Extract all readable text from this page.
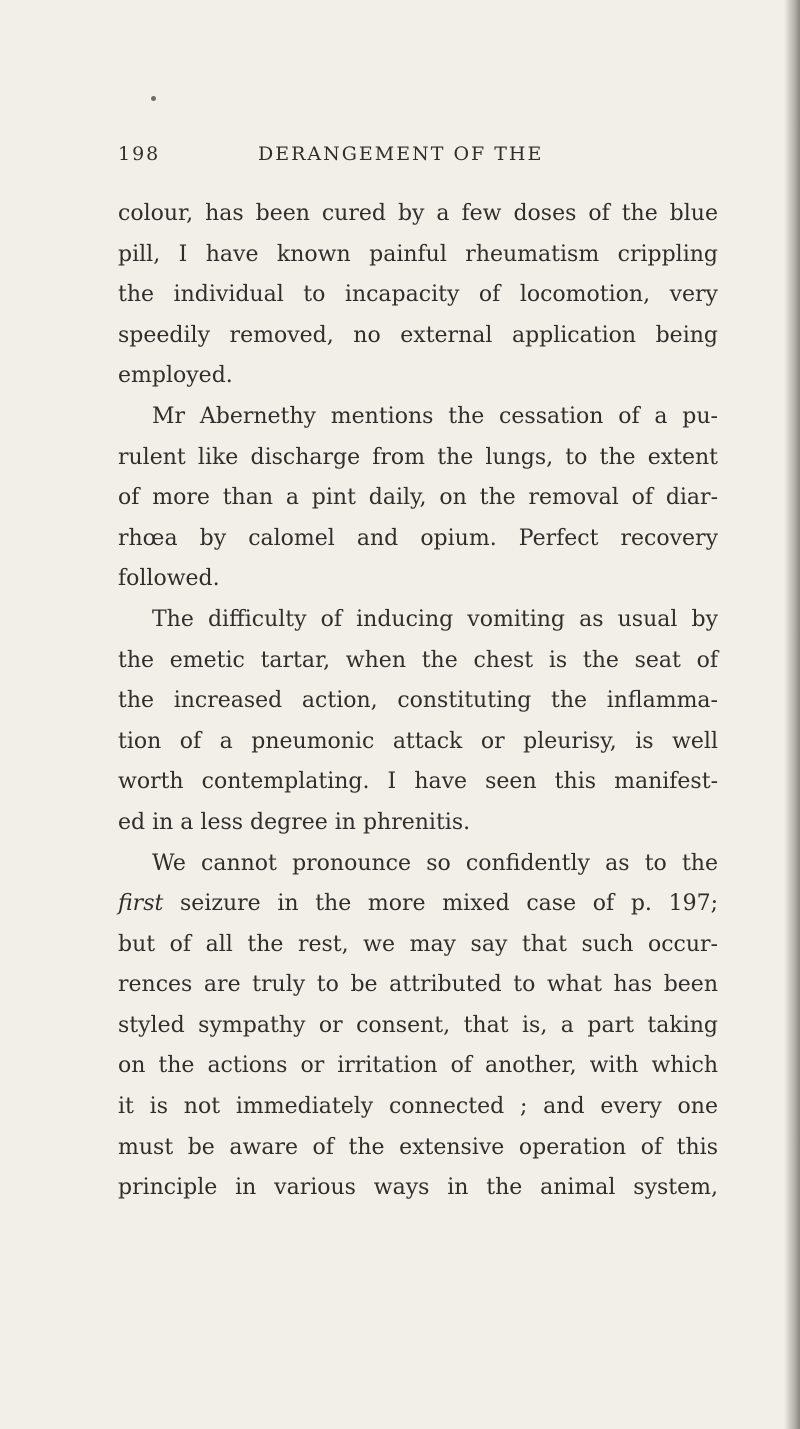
198	DERANGEMENT OF THE
colour, has been cured by a few doses of the blue
pill, I have known painful rheumatism crippling
the individual to incapacity of locomotion, very
speedily removed, no external application being
employed.
Mr Abernethy mentions the cessation of a pu-
rulent like discharge from the lungs, to the extent
of more than a pint daily, on the removal of diar-
rhœa by calomel and opium. Perfect recovery
followed.
The difficulty of inducing vomiting as usual by
the emetic tartar, when the chest is the seat of
the increased action, constituting the inflamma-
tion of a pneumonic attack or pleurisy, is well
worth contemplating. I have seen this manifest-
ed in a less degree in phrenitis.
We cannot pronounce so confidently as to the
first seizure in the more mixed case of p. 197;
but of all the rest, we may say that such occur-
rences are truly to be attributed to what has been
styled sympathy or consent, that is, a part taking
on the actions or irritation of another, with which
it is not immediately connected ; and every one
must be aware of the extensive operation of this
principle in various ways in the animal system,
